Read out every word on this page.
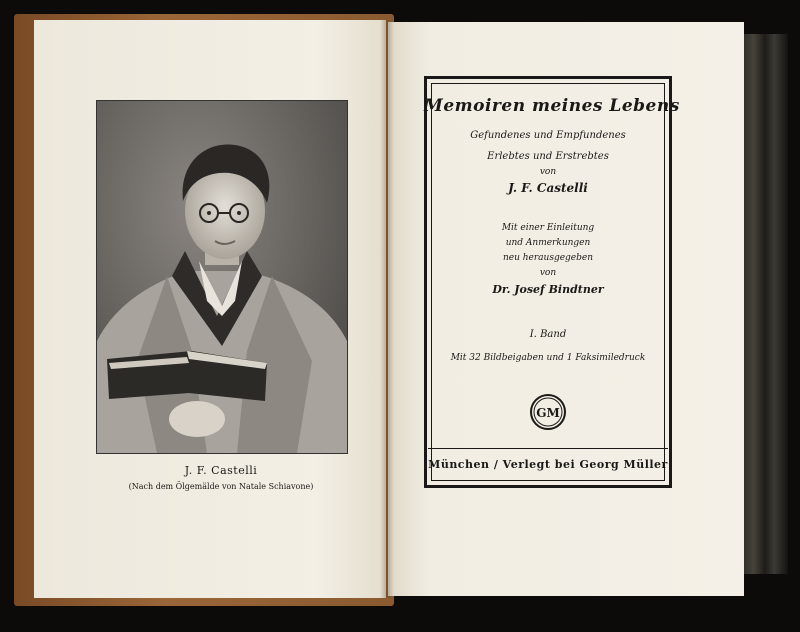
J. F. Castelli
(Nach dem Ölgemälde von Natale Schiavone)
Memoiren meines Lebens
Gefundenes und Empfundenes
Erlebtes und Erstrebtes
von
J. F. Castelli
Mit einer Einleitung
und Anmerkungen
neu herausgegeben
von
Dr. Josef Bindtner
I. Band
Mit 32 Bildbeigaben und 1 Faksimiledruck
GM
München / Verlegt bei Georg Müller
